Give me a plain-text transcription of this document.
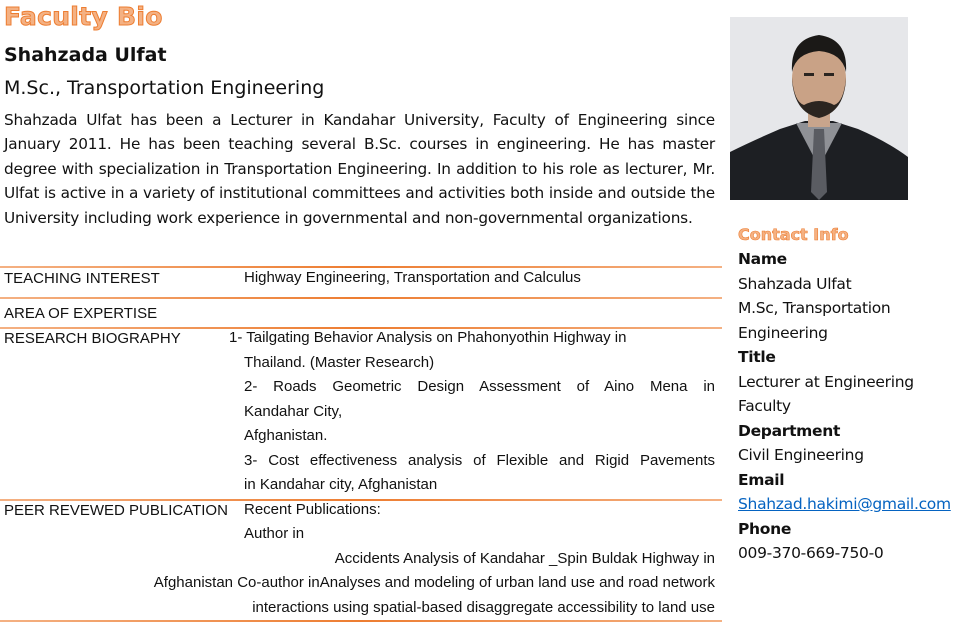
Faculty Bio
Shahzada Ulfat
M.Sc., Transportation Engineering
Shahzada Ulfat has been a Lecturer in Kandahar University, Faculty of Engineering since January 2011. He has been teaching several B.Sc. courses in engineering. He has master degree with specialization in Transportation Engineering. In addition to his role as lecturer, Mr. Ulfat is active in a variety of institutional committees and activities both inside and outside the University including work experience in governmental and non-governmental organizations.
TEACHING INTEREST	Highway Engineering, Transportation and Calculus
AREA OF EXPERTISE
RESEARCH BIOGRAPHY	1- Tailgating Behavior Analysis on Phahonyothin Highway in
Thailand. (Master Research)
2- Roads Geometric Design Assessment of Aino Mena in
Kandahar City,
Afghanistan.
3- Cost effectiveness analysis of Flexible and Rigid Pavements
in Kandahar city, Afghanistan
PEER REVEWED PUBLICATION Recent Publications:
Author in
Accidents Analysis of Kandahar _Spin Buldak Highway in
Afghanistan Co-author inAnalyses and modeling of urban land use and road network
interactions using spatial-based disaggregate accessibility to land use
Contact Info
Name
Shahzada Ulfat
M.Sc, Transportation
Engineering
Title
Lecturer at Engineering
Faculty
Department
Civil Engineering
Email
Shahzad.hakimi@gmail.com
Phone
009-370-669-750-0
